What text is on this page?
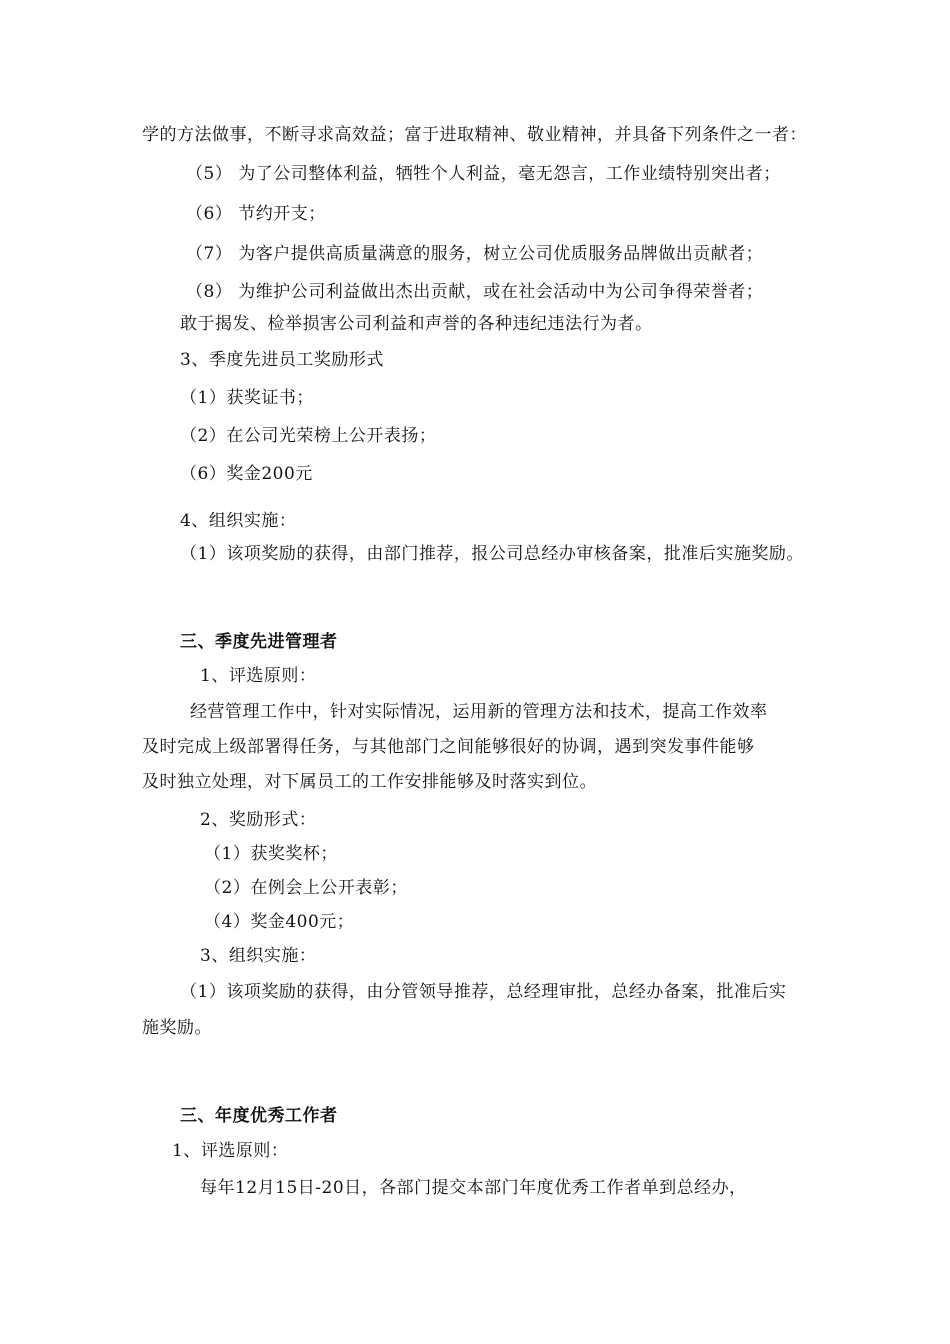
学的方法做事，不断寻求高效益；富于进取精神、敬业精神，并具备下列条件之一者：

（5） 为了公司整体利益，牺牲个人利益，毫无怨言，工作业绩特别突出者；

（6） 节约开支；

（7） 为客户提供高质量满意的服务，树立公司优质服务品牌做出贡献者；

（8） 为维护公司利益做出杰出贡献，或在社会活动中为公司争得荣誉者；

敢于揭发、检举损害公司利益和声誉的各种违纪违法行为者。

3、季度先进员工奖励形式

（1）获奖证书；

（2）在公司光荣榜上公开表扬；

（6）奖金200元

4、组织实施：

（1）该项奖励的获得，由部门推荐，报公司总经办审核备案，批准后实施奖励。

三、季度先进管理者

1、评选原则：

经营管理工作中，针对实际情况，运用新的管理方法和技术，提高工作效率

及时完成上级部署得任务，与其他部门之间能够很好的协调，遇到突发事件能够

及时独立处理，对下属员工的工作安排能够及时落实到位。

2、奖励形式：

（1）获奖奖杯；

（2）在例会上公开表彰；

（4）奖金400元；

3、组织实施：

（1）该项奖励的获得，由分管领导推荐，总经理审批，总经办备案，批准后实

施奖励。

三、年度优秀工作者

1、评选原则：

每年12月15日-20日，各部门提交本部门年度优秀工作者单到总经办，
